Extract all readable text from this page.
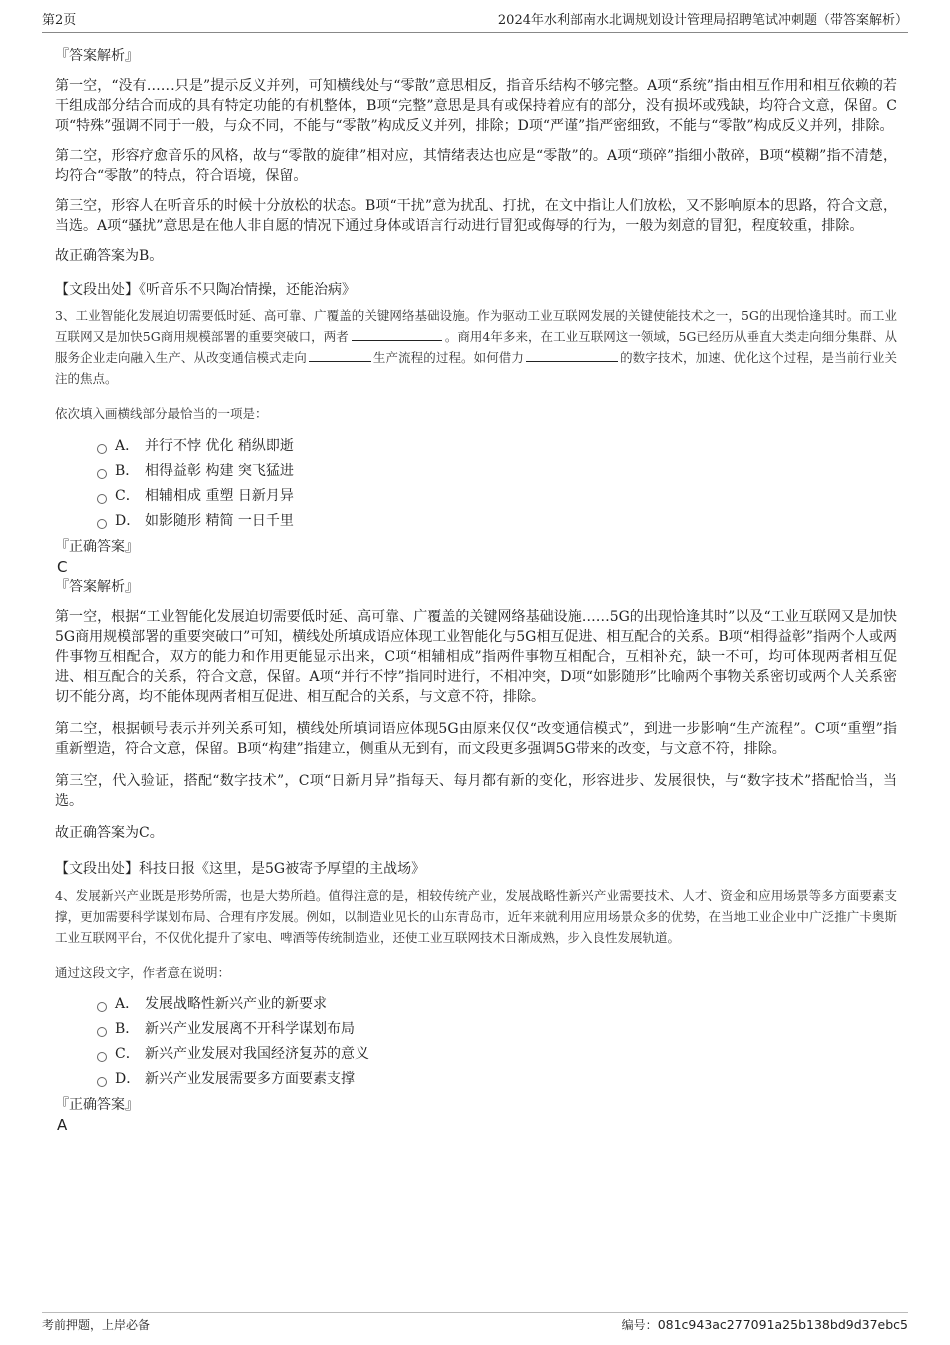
第2页	2024年水利部南水北调规划设计管理局招聘笔试冲刺题（带答案解析）

『答案解析』

第一空，“没有……只是”提示反义并列，可知横线处与“零散”意思相反，指音乐结构不够完整。A项“系统”指由相互作用和相互依赖的若干组成部分结合而成的具有特定功能的有机整体，B项“完整”意思是具有或保持着应有的部分，没有损坏或残缺，均符合文意，保留。C项“特殊”强调不同于一般，与众不同，不能与“零散”构成反义并列，排除；D项“严谨”指严密细致，不能与“零散”构成反义并列，排除。

第二空，形容疗愈音乐的风格，故与“零散的旋律”相对应，其情绪表达也应是“零散”的。A项“琐碎”指细小散碎，B项“模糊”指不清楚，均符合“零散”的特点，符合语境，保留。

第三空，形容人在听音乐的时候十分放松的状态。B项“干扰”意为扰乱、打扰，在文中指让人们放松，又不影响原本的思路，符合文意，当选。A项“骚扰”意思是在他人非自愿的情况下通过身体或语言行动进行冒犯或侮辱的行为，一般为刻意的冒犯，程度较重，排除。

故正确答案为B。

【文段出处】《听音乐不只陶冶情操，还能治病》

3、工业智能化发展迫切需要低时延、高可靠、广覆盖的关键网络基础设施。作为驱动工业互联网发展的关键使能技术之一，5G的出现恰逢其时。而工业互联网又是加快5G商用规模部署的重要突破口，两者	。商用4年多来，在工业互联网这一领域，5G已经历从垂直大类走向细分集群、从服务企业走向融入生产、从改变通信模式走向	生产流程的过程。如何借力	的数字技术，加速、优化这个过程，是当前行业关注的焦点。

依次填入画横线部分最恰当的一项是：

A． 并行不悖 优化 稍纵即逝
B． 相得益彰 构建 突飞猛进
C． 相辅相成 重塑 日新月异
D． 如影随形 精简 一日千里

『正确答案』

C

『答案解析』

第一空，根据“工业智能化发展迫切需要低时延、高可靠、广覆盖的关键网络基础设施……5G的出现恰逢其时”以及“工业互联网又是加快5G商用规模部署的重要突破口”可知，横线处所填成语应体现工业智能化与5G相互促进、相互配合的关系。B项“相得益彰”指两个人或两件事物互相配合，双方的能力和作用更能显示出来，C项“相辅相成”指两件事物互相配合，互相补充，缺一不可，均可体现两者相互促进、相互配合的关系，符合文意，保留。A项“并行不悖”指同时进行，不相冲突，D项“如影随形”比喻两个事物关系密切或两个人关系密切不能分离，均不能体现两者相互促进、相互配合的关系，与文意不符，排除。

第二空，根据顿号表示并列关系可知，横线处所填词语应体现5G由原来仅仅“改变通信模式”，到进一步影响“生产流程”。C项“重塑”指重新塑造，符合文意，保留。B项“构建”指建立，侧重从无到有，而文段更多强调5G带来的改变，与文意不符，排除。

第三空，代入验证，搭配“数字技术”，C项“日新月异”指每天、每月都有新的变化，形容进步、发展很快，与“数字技术”搭配恰当，当选。

故正确答案为C。

【文段出处】科技日报《这里，是5G被寄予厚望的主战场》

4、发展新兴产业既是形势所需，也是大势所趋。值得注意的是，相较传统产业，发展战略性新兴产业需要技术、人才、资金和应用场景等多方面要素支撑，更加需要科学谋划布局、合理有序发展。例如，以制造业见长的山东青岛市，近年来就利用应用场景众多的优势，在当地工业企业中广泛推广卡奥斯工业互联网平台，不仅优化提升了家电、啤酒等传统制造业，还使工业互联网技术日渐成熟，步入良性发展轨道。

通过这段文字，作者意在说明：

A． 发展战略性新兴产业的新要求
B． 新兴产业发展离不开科学谋划布局
C． 新兴产业发展对我国经济复苏的意义
D． 新兴产业发展需要多方面要素支撑

『正确答案』

A

考前押题，上岸必备	编号：081c943ac277091a25b138bd9d37ebc5
